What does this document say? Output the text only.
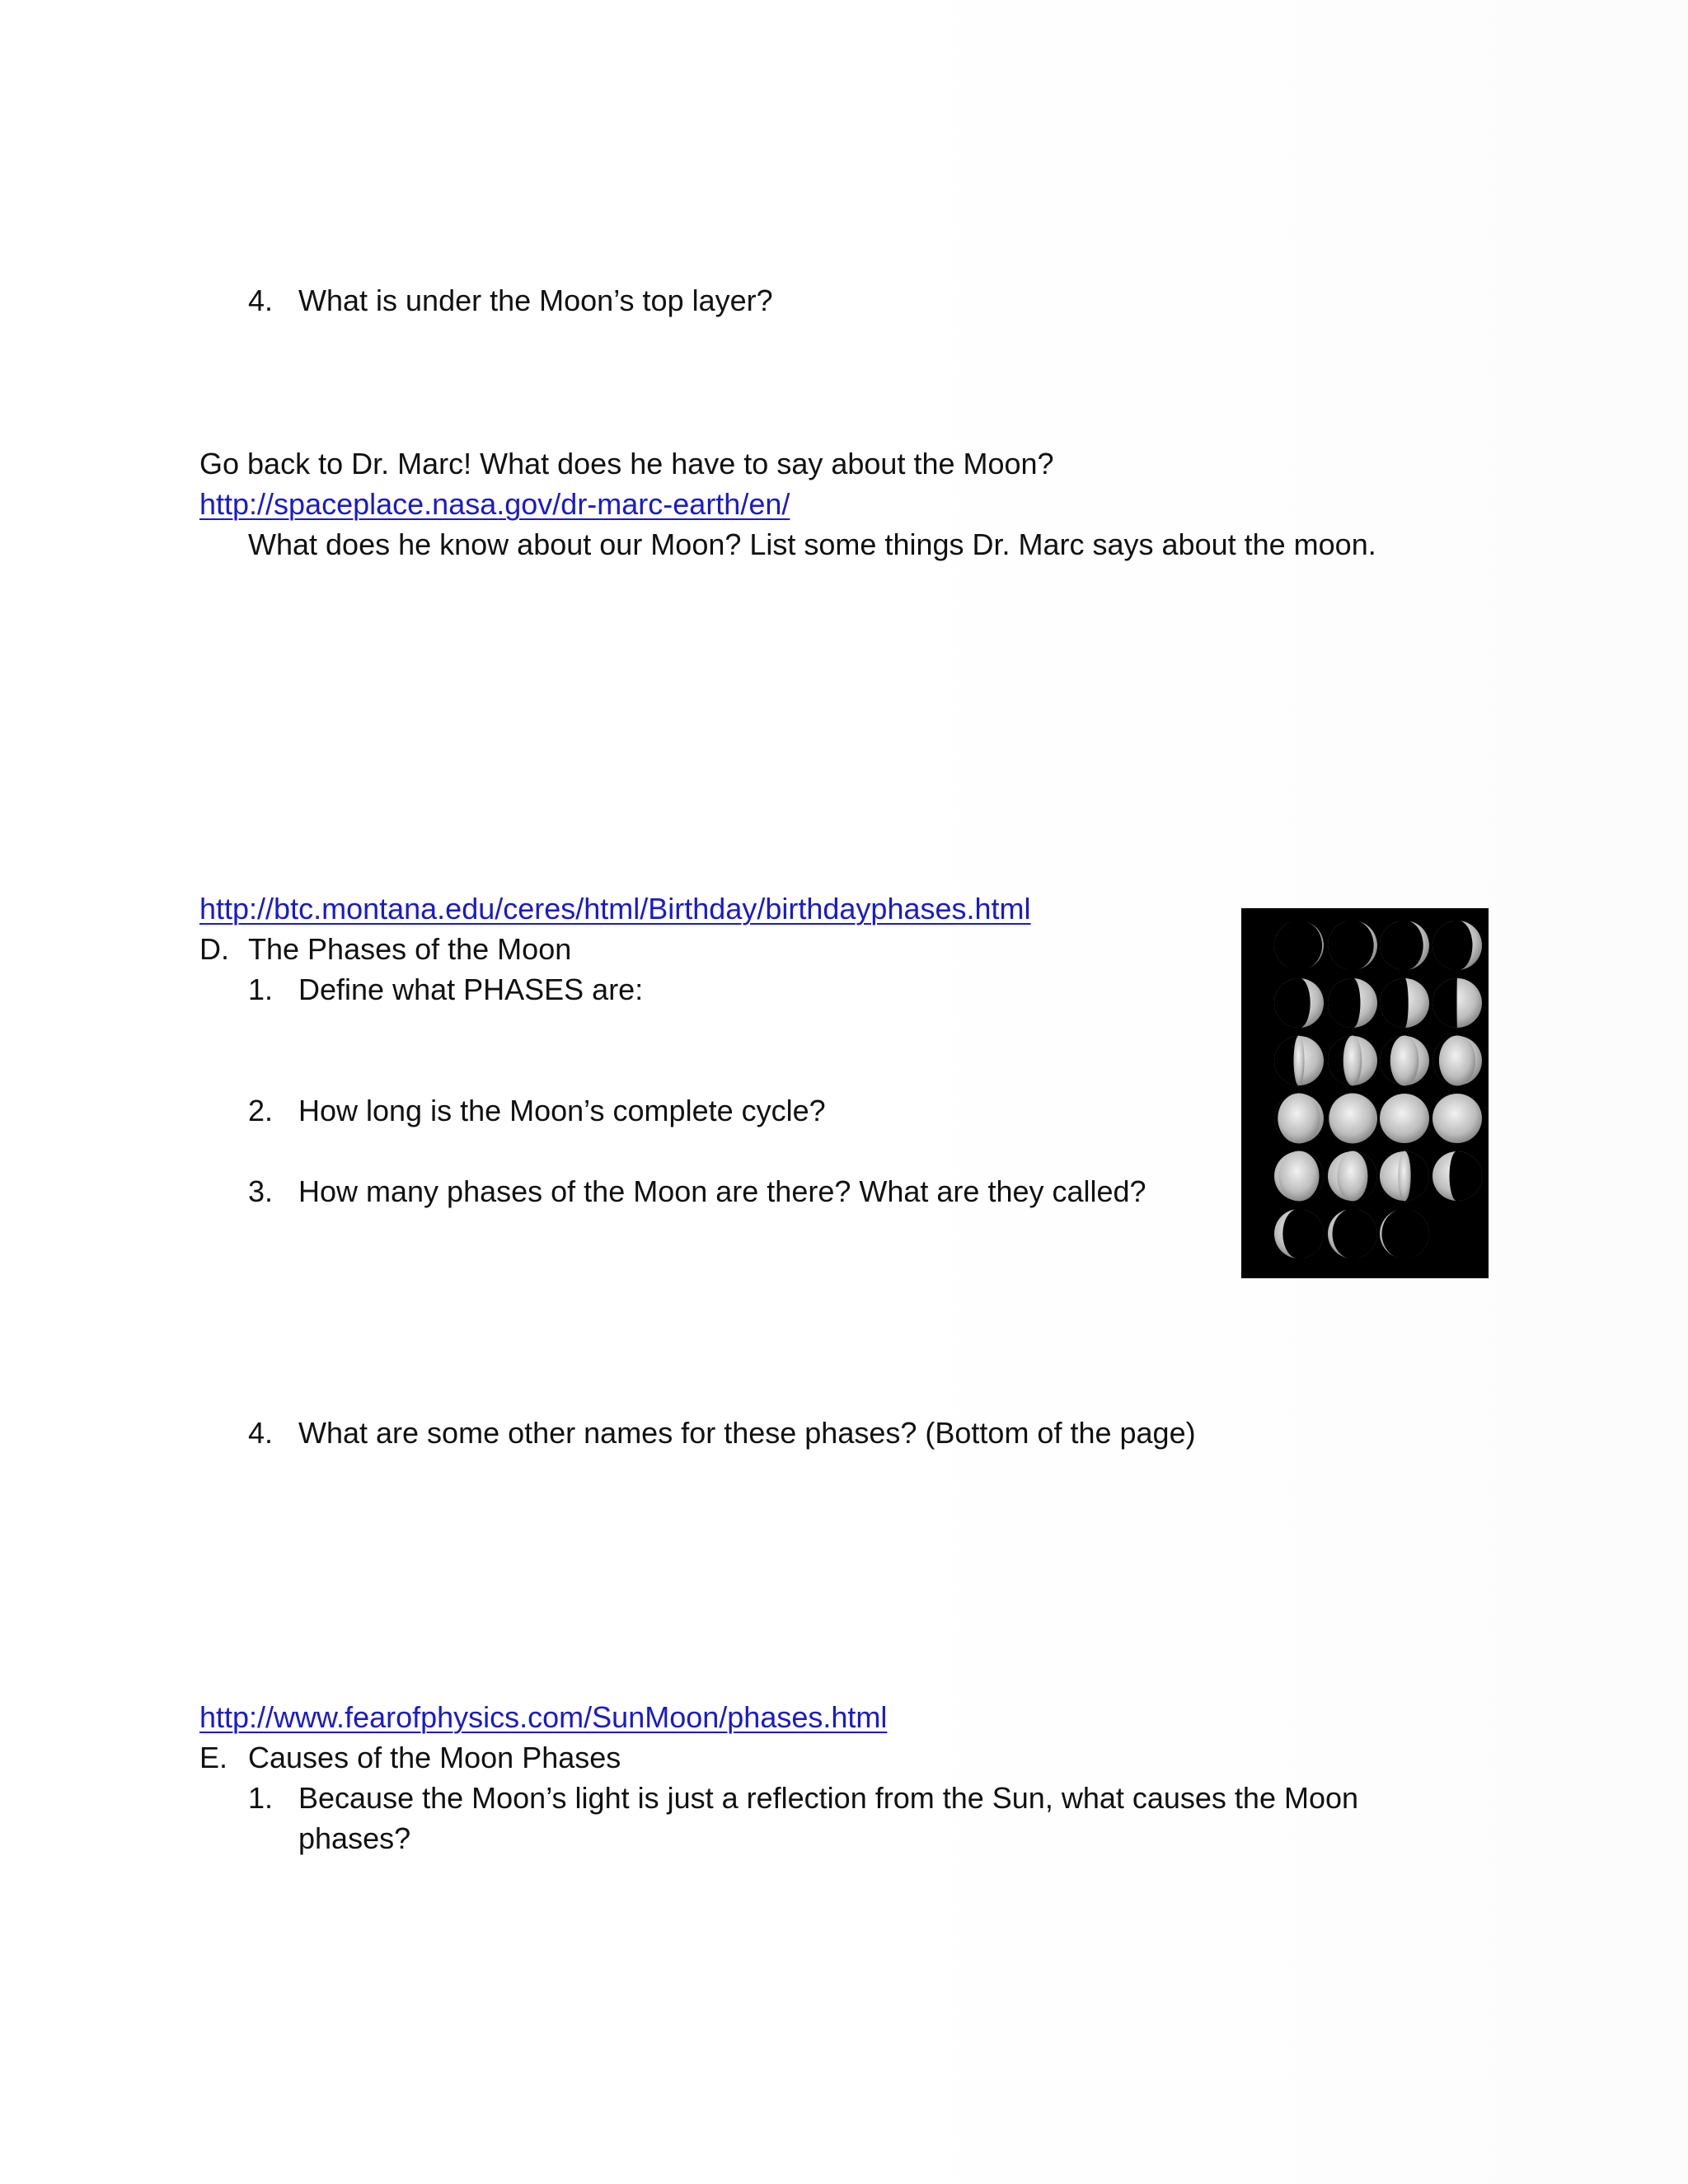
4. What is under the Moon’s top layer?
Go back to Dr. Marc! What does he have to say about the Moon?
http://spaceplace.nasa.gov/dr-marc-earth/en/
What does he know about our Moon? List some things Dr. Marc says about the moon.
http://btc.montana.edu/ceres/html/Birthday/birthdayphases.html
D. The Phases of the Moon
1. Define what PHASES are:
2. How long is the Moon’s complete cycle?
3. How many phases of the Moon are there? What are they called?
4. What are some other names for these phases? (Bottom of the page)
http://www.fearofphysics.com/SunMoon/phases.html
E. Causes of the Moon Phases
1. Because the Moon’s light is just a reflection from the Sun, what causes the Moon
phases?
